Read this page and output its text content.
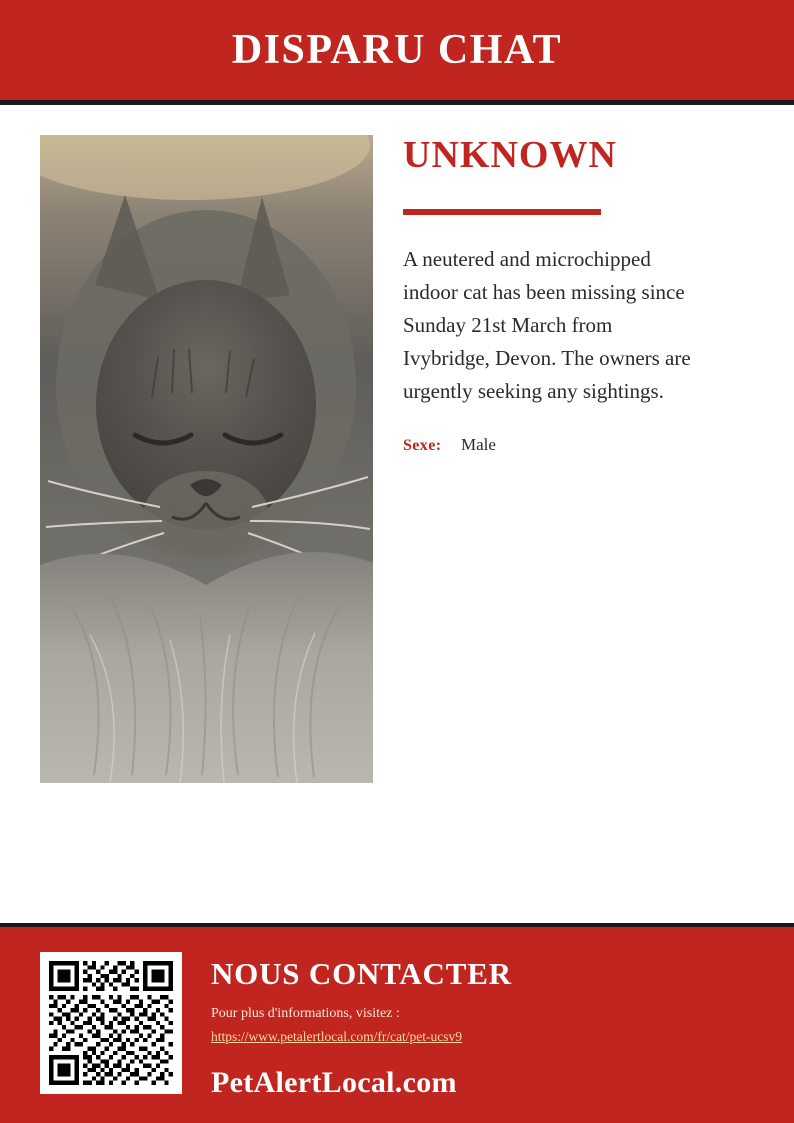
DISPARU CHAT
UNKNOWN

A neutered and microchipped indoor cat has been missing since Sunday 21st March from Ivybridge, Devon. The owners are urgently seeking any sightings.

Sexe:	Male
NOUS CONTACTER

Pour plus d'informations, visitez :

https://www.petalertlocal.com/fr/cat/pet-ucsv9

PetAlertLocal.com
